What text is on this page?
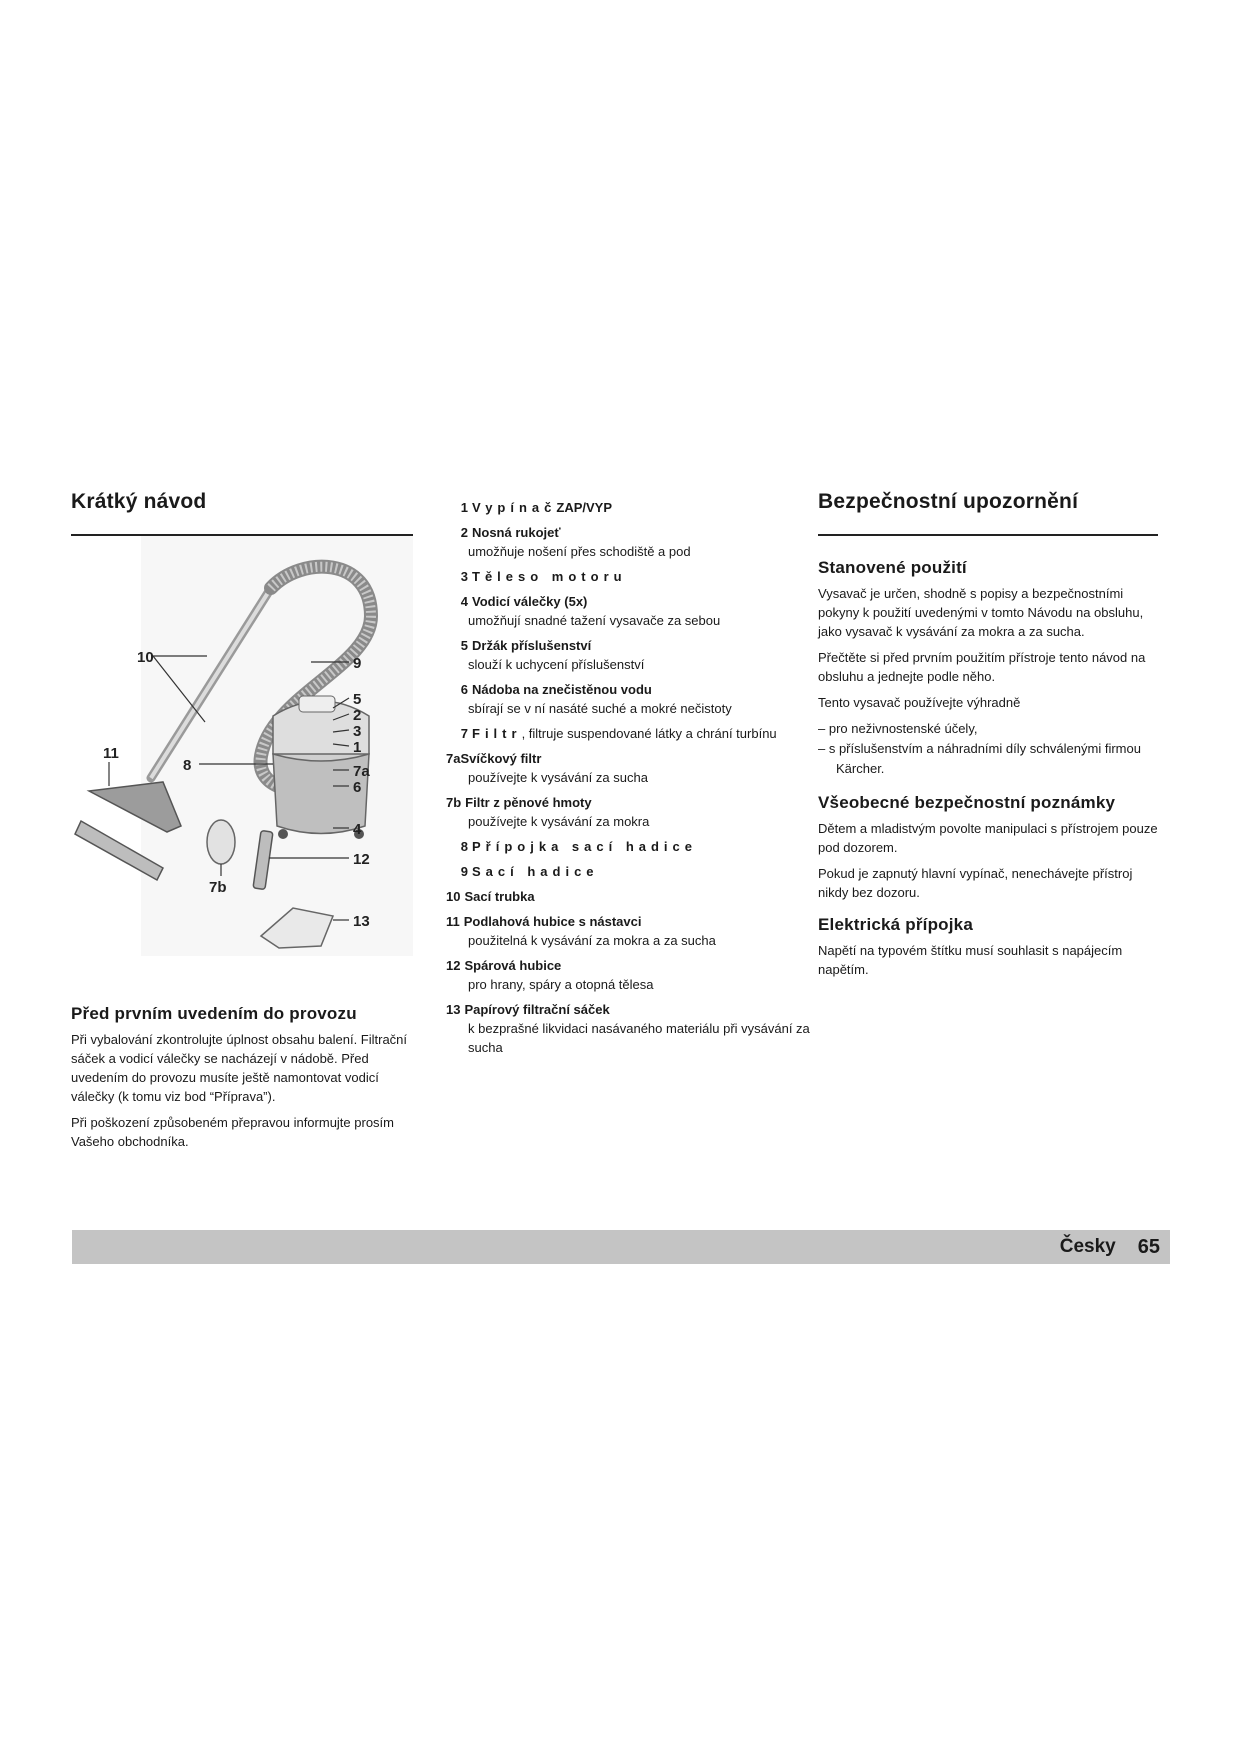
Krátký návod
10	9
5
2
3
1
11
8	7a
6
4
12
7b
13
Před prvním uvedením do provozu

Při vybalování zkontrolujte úplnost obsahu balení. Filtrační sáček a vodicí válečky se nacházejí v nádobě. Před uvedením do provozu musíte ještě namontovat vodicí válečky (k tomu viz bod “Příprava”).

Při poškození způsobeném přepravou informujte prosím Vašeho obchodníka.

1 VypínačZAP/VYP
2 Nosná rukojeť
umožňuje nošení přes schodiště a pod
3 Těleso motoru
4 Vodicí válečky (5x)
umožňují snadné tažení vysavače za sebou
5 Držák příslušenství
slouží k uchycení příslušenství
6 Nádoba na znečistěnou vodu
sbírají se v ní nasáté suché a mokré nečistoty
7 Filtr, filtruje suspendované látky a chrání turbínu
7a Svíčkový filtr
používejte k vysávání za sucha
7b Filtr z pěnové hmoty
používejte k vysávání za mokra
8 Přípojka sací hadice
9 Sací hadice
10 Sací trubka
11 Podlahová hubice s nástavci
použitelná k vysávání za mokra a za sucha
12 Spárová hubice
pro hrany, spáry a otopná tělesa
13 Papírový filtrační sáček
k bezprašné likvidaci nasávaného materiálu při vysávání za sucha
Bezpečnostní upozornění
Stanovené použití

Vysavač je určen, shodně s popisy a bezpečnostními pokyny k použití uvedenými v tomto Návodu na obsluhu, jako vysavač k vysávání za mokra a za sucha.

Přečtěte si před prvním použitím přístroje tento návod na obsluhu a jednejte podle něho.

Tento vysavač používejte výhradně

– pro neživnostenské účely,
– s příslušenstvím a náhradními díly schválenými firmou Kärcher.
Všeobecné bezpečnostní poznámky

Dětem a mladistvým povolte manipulaci s přístrojem pouze pod dozorem.

Pokud je zapnutý hlavní vypínač, nenechávejte přístroj nikdy bez dozoru.

Elektrická přípojka

Napětí na typovém štítku musí souhlasit s napájecím napětím.

Česky 65
